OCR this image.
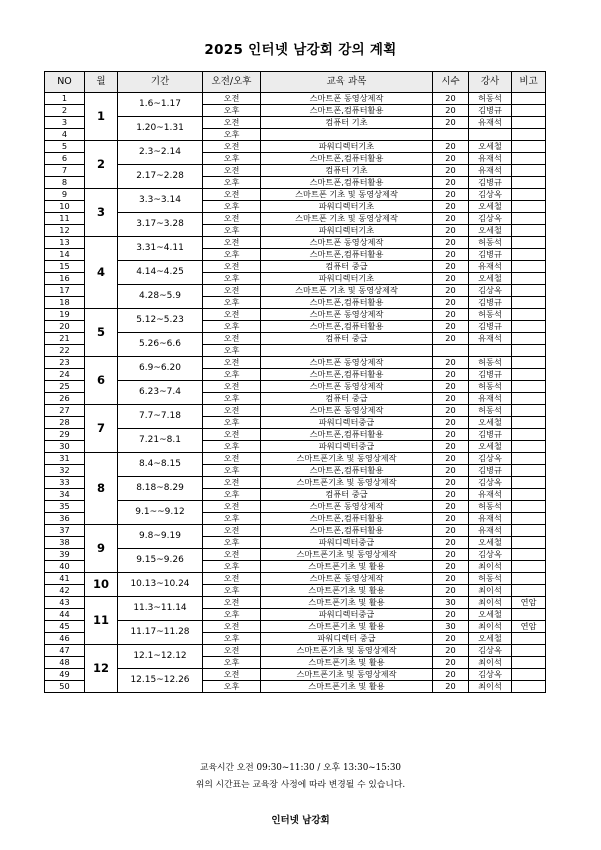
2025 인터넷 남강회 강의 계획
NO	월	기간	오전/오후	교육 과목	시수	강사	비고
1	1	1.6~1.17	오전	스마트폰 동영상제작	20	허동석	
2			오후	스마트폰,컴퓨터활용	20	김병규	
3		1.20~1.31	오전	컴퓨터 기초	20	유재석	
4			오후				
5	2	2.3~2.14	오전	파워디렉터기초	20	오세철	
6			오후	스마트폰,컴퓨터활용	20	유재석	
7		2.17~2.28	오전	컴퓨터 기초	20	유재석	
8			오후	스마트폰,컴퓨터활용	20	김병규	
9	3	3.3~3.14	오전	스마트폰 기초 및 동영상제작	20	김상옥	
10			오후	파워디렉터기초	20	오세철	
11		3.17~3.28	오전	스마트폰 기초 및 동영상제작	20	김상옥	
12			오후	파워디렉터기초	20	오세철	
13	4	3.31~4.11	오전	스마트폰 동영상제작	20	허동석	
14			오후	스마트폰,컴퓨터활용	20	김병규	
15		4.14~4.25	오전	컴퓨터 중급	20	유재석	
16			오후	파워디렉터기초	20	오세철	
17		4.28~5.9	오전	스마트폰 기초 및 동영상제작	20	김상옥	
18			오후	스마트폰,컴퓨터활용	20	김병규	
19	5	5.12~5.23	오전	스마트폰 동영상제작	20	허동석	
20			오후	스마트폰,컴퓨터활용	20	김병규	
21		5.26~6.6	오전	컴퓨터 중급	20	유재석	
22			오후				
23	6	6.9~6.20	오전	스마트폰 동영상제작	20	허동석	
24			오후	스마트폰,컴퓨터활용	20	김병규	
25		6.23~7.4	오전	스마트폰 동영상제작	20	허동석	
26			오후	컴퓨터 중급	20	유재석	
27	7	7.7~7.18	오전	스마트폰 동영상제작	20	허동석	
28			오후	파워디렉터중급	20	오세철	
29		7.21~8.1	오전	스마트폰,컴퓨터활용	20	김병규	
30			오후	파워디렉터중급	20	오세철	
31	8	8.4~8.15	오전	스마트폰기초 및 동영상제작	20	김상옥	
32			오후	스마트폰,컴퓨터활용	20	김병규	
33		8.18~8.29	오전	스마트폰기초 및 동영상제작	20	김상옥	
34			오후	컴퓨터 중급	20	유재석	
35		9.1~~9.12	오전	스마트폰 동영상제작	20	허동석	
36			오후	스마트폰,컴퓨터활용	20	유재석	
37	9	9.8~9.19	오전	스마트폰,컴퓨터활용	20	유재석	
38			오후	파워디렉터중급	20	오세철	
39		9.15~9.26	오전	스마트폰기초 및 동영상제작	20	김상옥	
40			오후	스마트폰기초 및 활용	20	최이석	
41	10	10.13~10.24	오전	스마트폰 동영상제작	20	허동석	
42			오후	스마트폰기초 및 활용	20	최이석	
43	11	11.3~11.14	오전	스마트폰기초 및 활용	30	최이석	연암
44			오후	파워디렉터중급	20	오세철	
45		11.17~11.28	오전	스마트폰기초 및 활용	30	최이석	연암
46			오후	파워디렉터 중급	20	오세철	
47	12	12.1~12.12	오전	스마트폰기초 및 동영상제작	20	김상옥	
48			오후	스마트폰기초 및 활용	20	최이석	
49		12.15~12.26	오전	스마트폰기초 및 동영상제작	20	김상옥	
50			오후	스마트폰기초 및 활용	20	최이석	
교육시간 오전 09:30~11:30 / 오후 13:30~15:30
위의 시간표는 교육장 사정에 따라 변경될 수 있습니다.
인터넷 남강회
